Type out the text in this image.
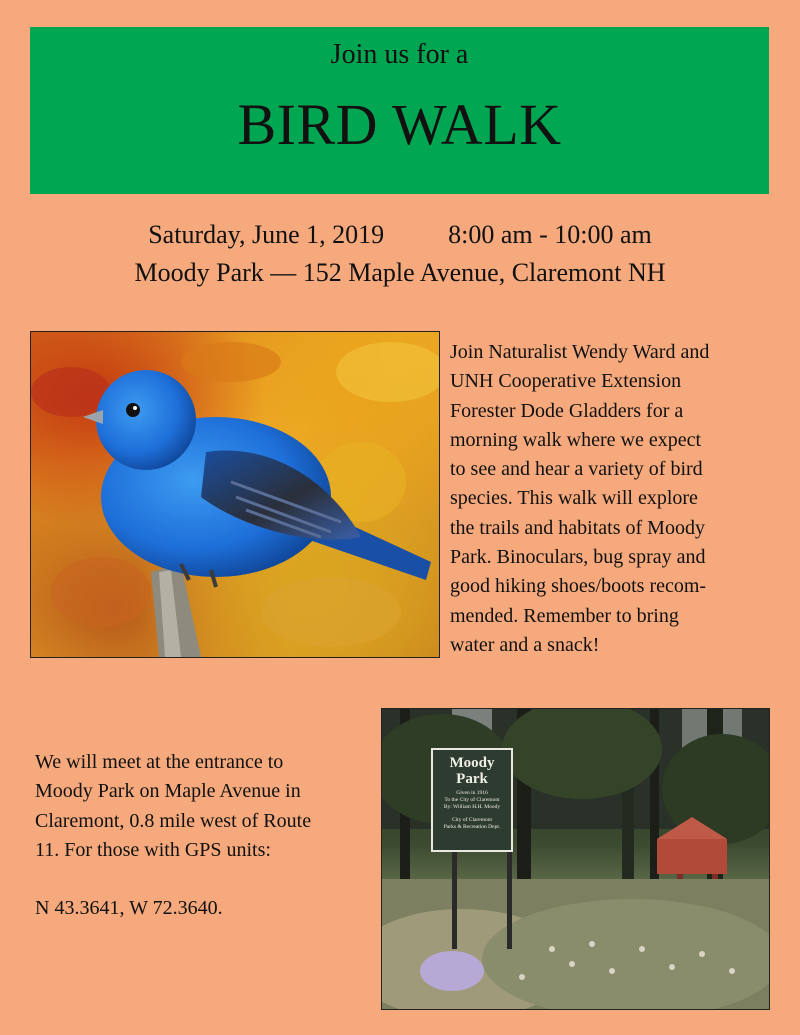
Join us for a
BIRD WALK
Saturday, June 1, 2019 8:00 am - 10:00 am
Moody Park — 152 Maple Avenue, Claremont NH
Join Naturalist Wendy Ward and
UNH Cooperative Extension
Forester Dode Gladders for a
morning walk where we expect
to see and hear a variety of bird
species. This walk will explore
the trails and habitats of Moody
Park. Binoculars, bug spray and
good hiking shoes/boots recom-
mended. Remember to bring
water and a snack!
We will meet at the entrance to
Moody Park on Maple Avenue in
Claremont, 0.8 mile west of Route
11. For those with GPS units:
N 43.3641, W 72.3640.
Moody
Park
Given in 1916
To the City of Claremont
By: William H.H. Moody
City of Claremont
Parks & Recreation Dept.
